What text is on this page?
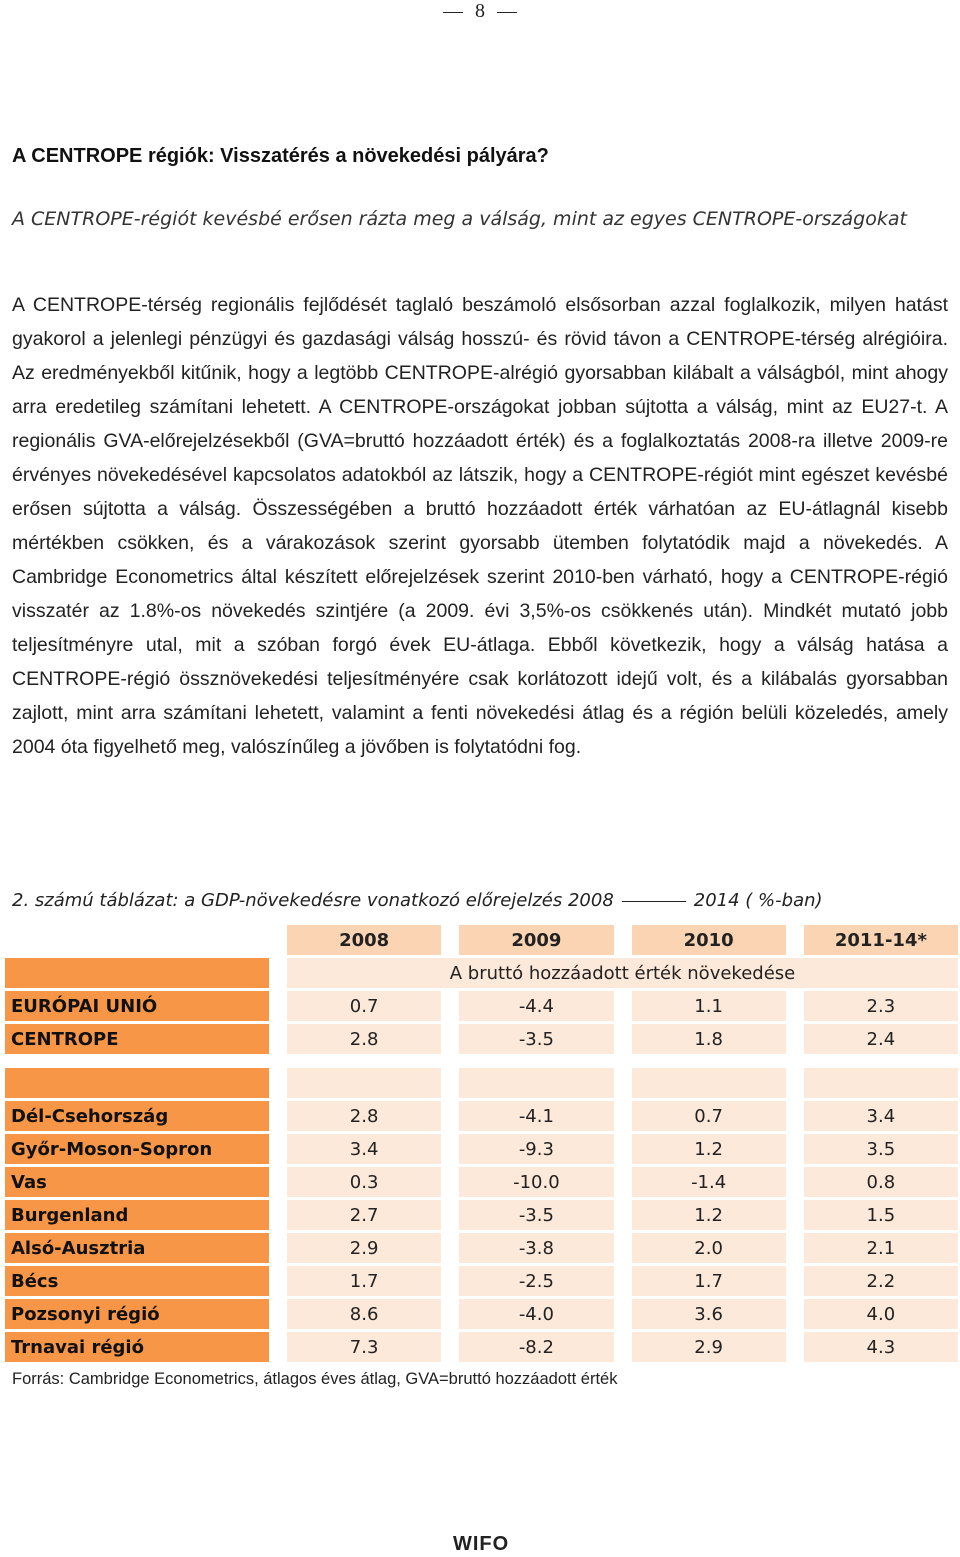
8
A CENTROPE régiók: Visszatérés a növekedési pályára?
A CENTROPE-régiót kevésbé erősen rázta meg a válság, mint az egyes CENTROPE-országokat
A CENTROPE-térség regionális fejlődését taglaló beszámoló elsősorban azzal foglalkozik, milyen hatást gyakorol a jelenlegi pénzügyi és gazdasági válság hosszú- és rövid távon a CENTROPE-térség alrégióira. Az eredményekből kitűnik, hogy a legtöbb CENTROPE-alrégió gyorsabban kilábalt a válságból, mint ahogy arra eredetileg számítani lehetett. A CENTROPE-országokat jobban sújtotta a válság, mint az EU27-t. A regionális GVA-előrejelzésekből (GVA=bruttó hozzáadott érték) és a foglalkoztatás 2008-ra illetve 2009-re érvényes növekedésével kapcsolatos adatokból az látszik, hogy a CENTROPE-régiót mint egészet kevésbé erősen sújtotta a válság. Összességében a bruttó hozzáadott érték várhatóan az EU-átlagnál kisebb mértékben csökken, és a várakozások szerint gyorsabb ütemben folytatódik majd a növekedés. A Cambridge Econometrics által készített előrejelzések szerint 2010-ben várható, hogy a CENTROPE-régió visszatér az 1.8%-os növekedés szintjére (a 2009. évi 3,5%-os csökkenés után). Mindkét mutató jobb teljesítményre utal, mit a szóban forgó évek EU-átlaga. Ebből következik, hogy a válság hatása a CENTROPE-régió össznövekedési teljesítményére csak korlátozott idejű volt, és a kilábalás gyorsabban zajlott, mint arra számítani lehetett, valamint a fenti növekedési átlag és a régión belüli közeledés, amely 2004 óta figyelhető meg, valószínűleg a jövőben is folytatódni fog.
2. számú táblázat: a GDP-növekedésre vonatkozó előrejelzés 2008	2014 ( %-ban)
		2008		2009		2010		2011-14*
		A bruttó hozzáadott érték növekedése						
EURÓPAI UNIÓ		0.7		-4.4		1.1		2.3
CENTROPE		2.8		-3.5		1.8		2.4

Dél-Csehország		2.8		-4.1		0.7		3.4
Győr-Moson-Sopron		3.4		-9.3		1.2		3.5
Vas		0.3		-10.0		-1.4		0.8
Burgenland		2.7		-3.5		1.2		1.5
Alsó-Ausztria		2.9		-3.8		2.0		2.1
Bécs		1.7		-2.5		1.7		2.2
Pozsonyi régió		8.6		-4.0		3.6		4.0
Trnavai régió		7.3		-8.2		2.9		4.3
Forrás: Cambridge Econometrics, átlagos éves átlag, GVA=bruttó hozzáadott érték
WIFO
